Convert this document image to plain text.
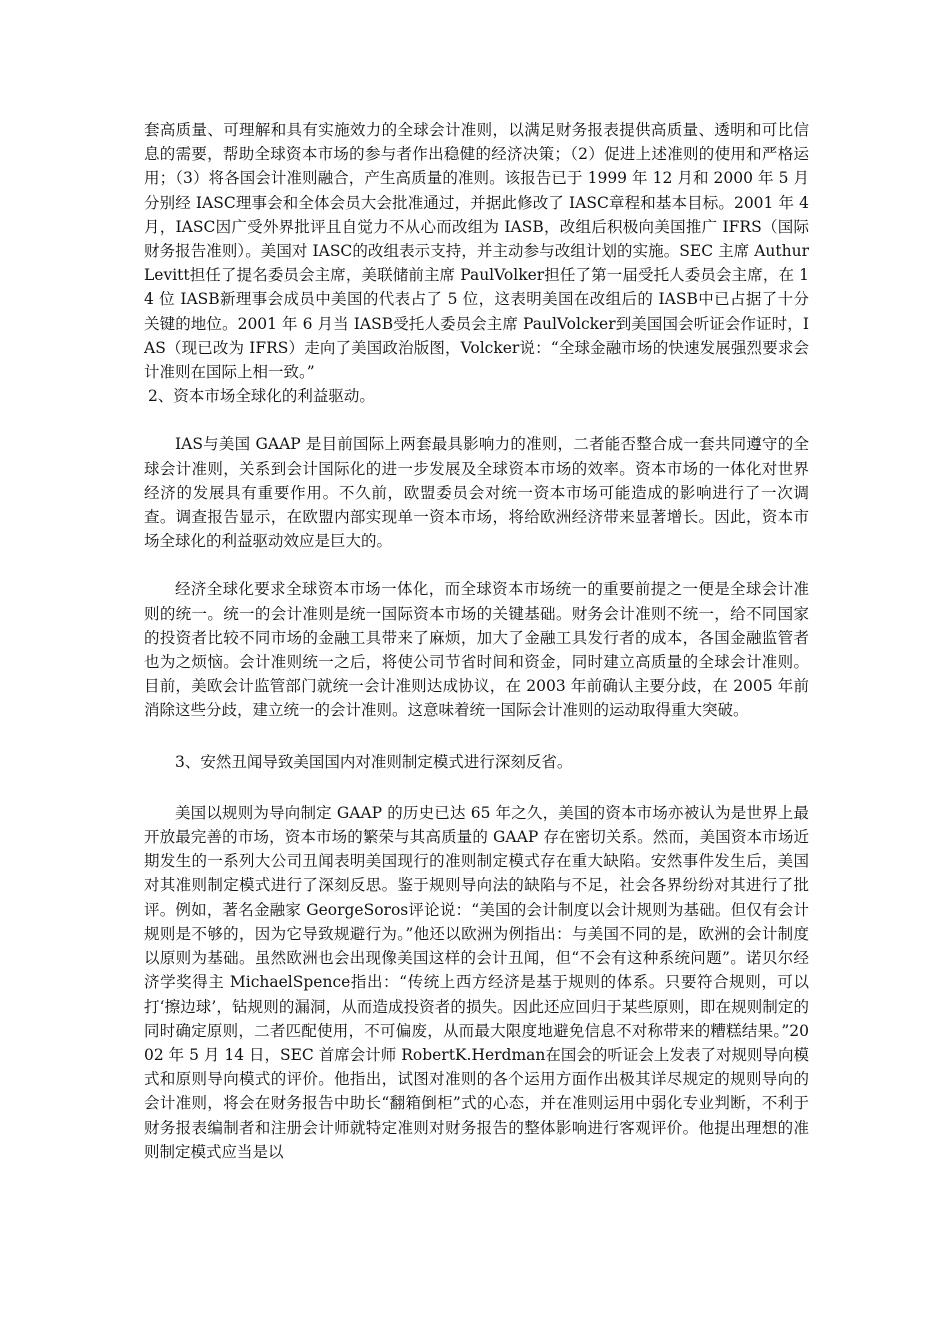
套高质量、可理解和具有实施效力的全球会计准则，以满足财务报表提供高质量、透明和可比信息的需要，帮助全球资本市场的参与者作出稳健的经济决策；（2）促进上述准则的使用和严格运用；（3）将各国会计准则融合，产生高质量的准则。该报告已于 1999 年 12 月和 2000 年 5 月分别经 IASC理事会和全体会员大会批准通过，并据此修改了 IASC章程和基本目标。2001 年 4 月，IASC因广受外界批评且自觉力不从心而改组为 IASB，改组后积极向美国推广 IFRS（国际财务报告准则）。美国对 IASC的改组表示支持，并主动参与改组计划的实施。SEC 主席 AuthurLevitt担任了提名委员会主席，美联储前主席 PaulVolker担任了第一届受托人委员会主席，在 14 位 IASB新理事会成员中美国的代表占了 5 位，这表明美国在改组后的 IASB中已占据了十分关键的地位。2001 年 6 月当 IASB受托人委员会主席 PaulVolcker到美国国会听证会作证时，IAS（现已改为 IFRS）走向了美国政治版图，Volcker说：“全球金融市场的快速发展强烈要求会计准则在国际上相一致。”

2、资本市场全球化的利益驱动。

IAS与美国 GAAP 是目前国际上两套最具影响力的准则，二者能否整合成一套共同遵守的全球会计准则，关系到会计国际化的进一步发展及全球资本市场的效率。资本市场的一体化对世界经济的发展具有重要作用。不久前，欧盟委员会对统一资本市场可能造成的影响进行了一次调查。调查报告显示，在欧盟内部实现单一资本市场，将给欧洲经济带来显著增长。因此，资本市场全球化的利益驱动效应是巨大的。

经济全球化要求全球资本市场一体化，而全球资本市场统一的重要前提之一便是全球会计准则的统一。统一的会计准则是统一国际资本市场的关键基础。财务会计准则不统一，给不同国家的投资者比较不同市场的金融工具带来了麻烦，加大了金融工具发行者的成本，各国金融监管者也为之烦恼。会计准则统一之后，将使公司节省时间和资金，同时建立高质量的全球会计准则。目前，美欧会计监管部门就统一会计准则达成协议，在 2003 年前确认主要分歧，在 2005 年前消除这些分歧，建立统一的会计准则。这意味着统一国际会计准则的运动取得重大突破。

3、安然丑闻导致美国国内对准则制定模式进行深刻反省。

美国以规则为导向制定 GAAP 的历史已达 65 年之久，美国的资本市场亦被认为是世界上最开放最完善的市场，资本市场的繁荣与其高质量的 GAAP 存在密切关系。然而，美国资本市场近期发生的一系列大公司丑闻表明美国现行的准则制定模式存在重大缺陷。安然事件发生后，美国对其准则制定模式进行了深刻反思。鉴于规则导向法的缺陷与不足，社会各界纷纷对其进行了批评。例如，著名金融家 GeorgeSoros评论说：“美国的会计制度以会计规则为基础。但仅有会计规则是不够的，因为它导致规避行为。”他还以欧洲为例指出：与美国不同的是，欧洲的会计制度以原则为基础。虽然欧洲也会出现像美国这样的会计丑闻，但“不会有这种系统问题”。诺贝尔经济学奖得主 MichaelSpence指出：“传统上西方经济是基于规则的体系。只要符合规则，可以打‘擦边球’，钻规则的漏洞，从而造成投资者的损失。因此还应回归于某些原则，即在规则制定的同时确定原则，二者匹配使用，不可偏废，从而最大限度地避免信息不对称带来的糟糕结果。”2002 年 5 月 14 日，SEC 首席会计师 RobertK.Herdman在国会的听证会上发表了对规则导向模式和原则导向模式的评价。他指出，试图对准则的各个运用方面作出极其详尽规定的规则导向的会计准则，将会在财务报告中助长“翻箱倒柜”式的心态，并在准则运用中弱化专业判断，不利于财务报表编制者和注册会计师就特定准则对财务报告的整体影响进行客观评价。他提出理想的准则制定模式应当是以
